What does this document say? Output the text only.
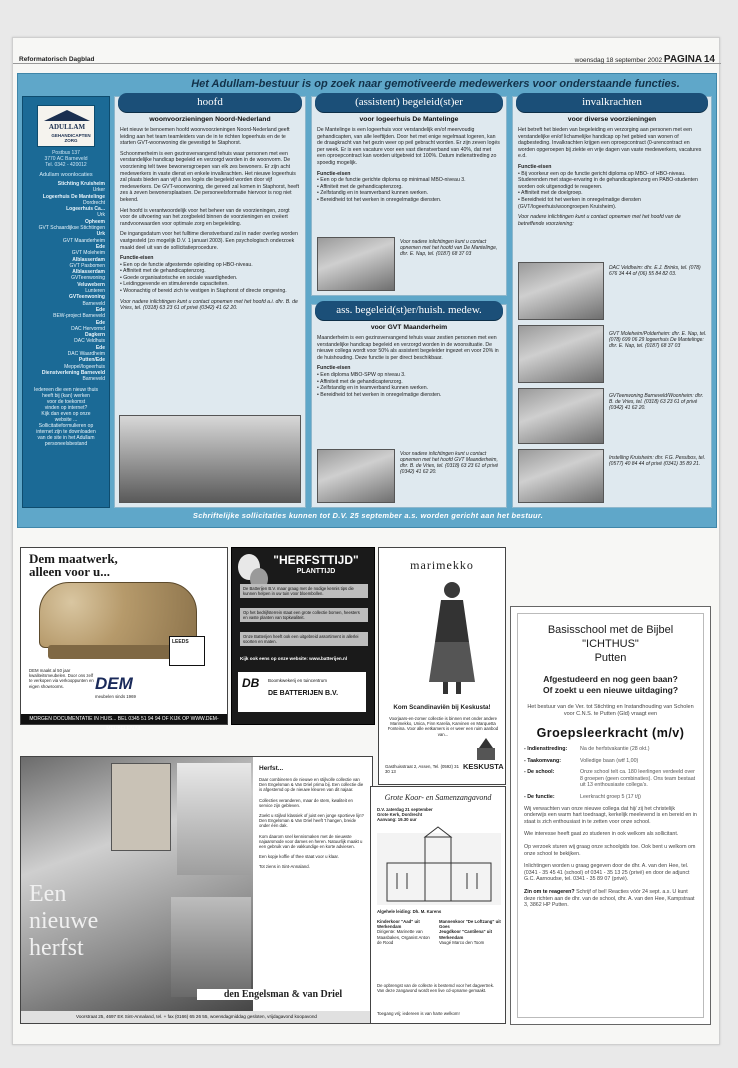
Reformatorisch Dagblad	woensdag 18 september 2002 PAGINA 14
Het Adullam-bestuur is op zoek naar gemotiveerde medewerkers voor onderstaande functies.
ADULLAM
GEHANDICAPTEN
ZORG
Postbus 137
3770 AC Barneveld
Tel. 0342 - 420012
Adullam woonlocaties
Stichting Kruisheim
Urker
Logeerhuis De Mantelinge
Dordrecht
Logeerhuis Ca...
Urk
Opheem
GVT Schaardijkse Stichtingen
Urk
GVT Maanderheim
Ede
GVT Moleheim
Alblasserdam
GVT Pasbomen
Alblasserdam
GVTeenwoning
Veluwebern
Lunteren
GVTeenwoning
Barneveld
Ede
BEW-project Barneveld
Ede
DAC Hervormd
Dagkern
DAC Veldhuis
Ede
DAC Waardheim
Putten/Ede
Meppel/logeerhuis
Dienstverlening Barneveld
Barneveld
Iedereen die een nieuw thuis
heeft bij (kan) werken
voor de toekomst
vinden op internet?
Kijk dan even op onze
website ...
Sollicitatieformulieren op
internet zijn te downloaden
van de site in het Adullam
personeelsbestand
hoofd
woonvoorzieningen Noord-Nederland
Het nieuw te benoemen hoofd woonvoorzieningen Noord-Nederland geeft leiding aan het team teamleiders van de in te richten logeerhuis en de te starten GVT-woonwoning die gevestigd te Staphorst.
Schoonmerheim is een gezinsvervangend tehuis waar personen met een verstandelijke handicap begeleid en verzorgd worden in de woonvorm. De voorziening telt twee bewonersgroepen van elk zes bewoners. Er zijn acht medewerkers in vaste dienst en enkele invalkrachten. Het nieuwe logeerhuis zal plaats bieden aan vijf à zes logés die begeleid worden door vijf medewerkers. De GVT-woonwoning, die gereed zal komen in Staphorst, heeft zes à zeven bewonersplaatsen. De personeelsformatie hiervoor is nog niet bekend.
Het hoofd is verantwoordelijk voor het beheer van de voorzieningen, zorgt voor de uitvoering van het zorgbeleid binnen de voorzieningen en creëert randvoorwaarden voor optimale zorg en begeleiding.
De ingangsdatum voor het fulltime dienstverband zal in nader overleg worden vastgesteld (zo mogelijk D.V. 1 januari 2003). Een psychologisch onderzoek maakt deel uit van de sollicitatieprocedure.
Functie-eisen
• Een op de functie afgestemde opleiding op HBO-niveau.
• Affiniteit met de gehandicaptenzorg.
• Goede organisatorische en sociale vaardigheden.
• Leidinggevende en stimulerende capaciteiten.
• Woonachtig of bereid zich te vestigen in Staphorst of directe omgeving.
Voor nadere inlichtingen kunt u contact opnemen met het hoofd a.i. dhr. B. de Vries, tel. (0318) 63 23 61 of privé (0342) 41 62 20.
(assistent) begeleid(st)er
voor logeerhuis De Mantelinge
De Mantelinge is een logeerhuis voor verstandelijk en/of meervoudig gehandicapten, van alle leeftijden. Door het met enige regelmaat logeren, kan de draagkracht van het gezin weer op peil gebracht worden. Er zijn zeven logés per week. Er is een vacature voor een vast dienstverband van 40%, dat met een oproepcontract kan worden uitgebreid tot 100%. Datum indiensttreding zo spoedig mogelijk.
Functie-eisen
• Een op de functie gerichte diploma op minimaal MBO-niveau 3.
• Affiniteit met de gehandicaptenzorg.
• Zelfstandig en in teamverband kunnen werken.
• Bereidheid tot het werken in onregelmatige diensten.
Voor nadere inlichtingen kunt u contact opnemen met het hoofd van De Mantelinge, dhr. E. Nap, tel. (0187) 68 37 03
ass. begeleid(st)er/huish. medew.
voor GVT Maanderheim
Maanderheim is een gezinsvervangend tehuis waar zestien personen met een verstandelijke handicap begeleid en verzorgd worden in de woonsituatie. De nieuwe collega wordt voor 50% als assistent begeleider ingezet en voor 20% in de huishouding. Deze functie is per direct beschikbaar.
Functie-eisen
• Een diploma MBO-SPW op niveau 3.
• Affiniteit met de gehandicaptenzorg.
• Zelfstandig en in teamverband kunnen werken.
• Bereidheid tot het werken in onregelmatige diensten.
Voor nadere inlichtingen kunt u contact opnemen met het hoofd GVT Maanderheim, dhr. B. de Vries, tel. (0318) 63 23 61 of privé (0342) 41 62 20.
invalkrachten
voor diverse voorzieningen
Het betreft het bieden van begeleiding en verzorging aan personen met een verstandelijke en/of lichamelijke handicap op het gebied van wonen of dagbesteding. Invalkrachten krijgen een oproepcontract (0-urencontract en worden opgeroepen bij ziekte en vrije dagen van vaste medewerkers, vacatures e.d.
Functie-eisen
• Bij voorkeur een op de functie gericht diploma op MBO- of HBO-niveau. Studerenden met stage-ervaring in de gehandicaptenzorg en PABO-studenten worden ook uitgenodigd te reageren.
• Affiniteit met de doelgroep.
• Bereidheid tot het werken in onregelmatige diensten (GVT/logeerhuis/woongroepen Kruisheim).
Voor nadere inlichtingen kunt u contact opnemen met het hoofd van de betreffende voorziening:
DAC Veldheim: dhr. E.J. Brinks, tel. (078) 676 34 44 of (06) 55 84 82 03.
GVT Moleheim/Polderheim: dhr. E. Nap, tel. (078) 699 06 29 logeerhuis De Mantelinge: dhr. E. Nap, tel. (0187) 68 37 03
GVTeenwoning Barneveld/Woonheim: dhr. B. de Vries, tel. (0318) 63 23 61 of privé (0342) 41 62 20.
Instelling Kruisheim: dhr. F.G. Pessibos, tel. (0577) 40 84 44 of privé (0341) 35 89 21.
Schriftelijke sollicitaties kunnen tot D.V. 25 september a.s. worden gericht aan het bestuur.
Dem maatwerk,
alleen voor u...
LEEDS
DEM maakt al 50 jaar kwaliteitsmeubelen. Door ons zelf te verkopen via verkooppunten en eigen showrooms.	DEM
meubelen sinds 1969
MORGEN DOCUMENTATIE IN HUIS... BEL 0345 51 94 94 OF KIJK OP WWW.DEM-MEUBELEN.NL
"HERFSTTIJD"
PLANTTIJD
De Batterijen B.V. maar graag met de nodige kennis tips die kunnen helpen in uw tuin voor bloembollen.
Op het bedrijfsterrein staat een grote collectie bomen, heesters en vaste planten van topkwaliteit.
Onze Batterijen heeft ook een uitgebreid assortiment in allerlei soorten en maten.
Kijk ook eens op onze website: www.batterijen.nl
DB Boomkwekerij en tuincentrum
DE BATTERIJEN B.V.
marimekko
Kom Scandinaviën bij Keskusta!
Voorjaars-en-zomer collectie is binnen met onder andere Marimekko, Unica, Finn Karelia, Karvinen en Marquetta Fonteina. Voor alle eetkamers is er weer een ruim aanbod van...
KESKUSTA
Gasthuisstraat 2, Assen, Tel. (0592) 31 30 13
Basisschool met de Bijbel
"ICHTHUS"
Putten
Afgestudeerd en nog geen baan?
Of zoekt u een nieuwe uitdaging?
Het bestuur van de Ver. tot Stichting en Instandhouding van Scholen voor C.N.S. te Putten (Gld) vraagt een
Groepsleerkracht (m/v)
- Indiensttreding:	Na de herfstvakantie (28 okt.)
- Taakomvang:	Volledige baan (wtf 1,00)
- De school:	Onze school telt ca. 180 leerlingen verdeeld over 8 groepen (geen combinaties). Ons team bestaat uit 13 enthousiaste collega's.
- De functie:	Leerkracht groep 5 (17 t/j)
Wij verwachten van onze nieuwe collega dat hij/ zij het christelijk onderwijs een warm hart toedraagt, kerkelijk meelevend is en bereid en in staat is zich enthousiast in te zetten voor onze school.
Wie interesse heeft gaat zo studeren in ook welkom als sollicitant.
Op verzoek sturen wij graag onze schoolgids toe. Ook bent u welkom om onze school te bekijken.
Inlichtingen worden u graag gegeven door de dhr. A. van den Hee, tel. (0341 - 35 45 41 (school) of 0341 - 35 13 25 (privé) en door de adjunct G.C. Aarnoudse, tel. 0341 - 35 89 07 (privé).
Zin om te reageren? Schrijf of bel! Reacties vóór 24 sept. a.s. U kunt deze richten aan de dhr. van de school, dhr. A. van den Hee, Kampstraat 3, 3862 HP Putten.
Een nieuwe herfst
Herfst...

Daar combineren de nieuwe en stijlvolle collectie van Den Engelsman & Van Driel prima bij. Een collectie die is afgestemd op de nieuwe kleuren van dit najaar.

Collecties veranderen, maar de stem, kwaliteit en service zijn gebleven.

Zoekt u stijlvol klassiek of juist een jonge sportieve lijn? Den Engelsman & Van Driel heeft 't hangen, breide onder één dak.

Kom daarom snel kennismaken met de nieuwste najaarsmode voor dames en heren. Natuurlijk maakt u een gebruik van de vakkundige en korte adviesen.

Een kopje koffie of thee staat voor u klaar.

Tot ziens in Sint-Annaland.

den Engelsman & van Driel
Voorstraat 25, 4697 EK Sint-Annaland, tel. + fax (0166) 65 26 55, woensdagmiddag gesloten, vrijdagavond koopavond
Grote Koor- en Samenzangavond
D.V. zaterdag 21 september
Grote Kerk, Dordrecht
Aanvang: 19.30 uur
Algehele leiding: Dh. M. Karens
Kinderkoor "Aad" uit Werkendam
Dirigente: Marinette van Maasbakes, Organist Anton de Rood
Mannenkoor "De Loftzang" uit Goes
Jeugdkoor "Cantilena" uit Werkendam
Vaugé Marco den Toom
De opbrengst van de collecte is bestemd voor het dagvertrek. Van deze zangavond wordt een live cd-opname gemaakt.
Toegang vrij; iedereen is van harte welkom!
